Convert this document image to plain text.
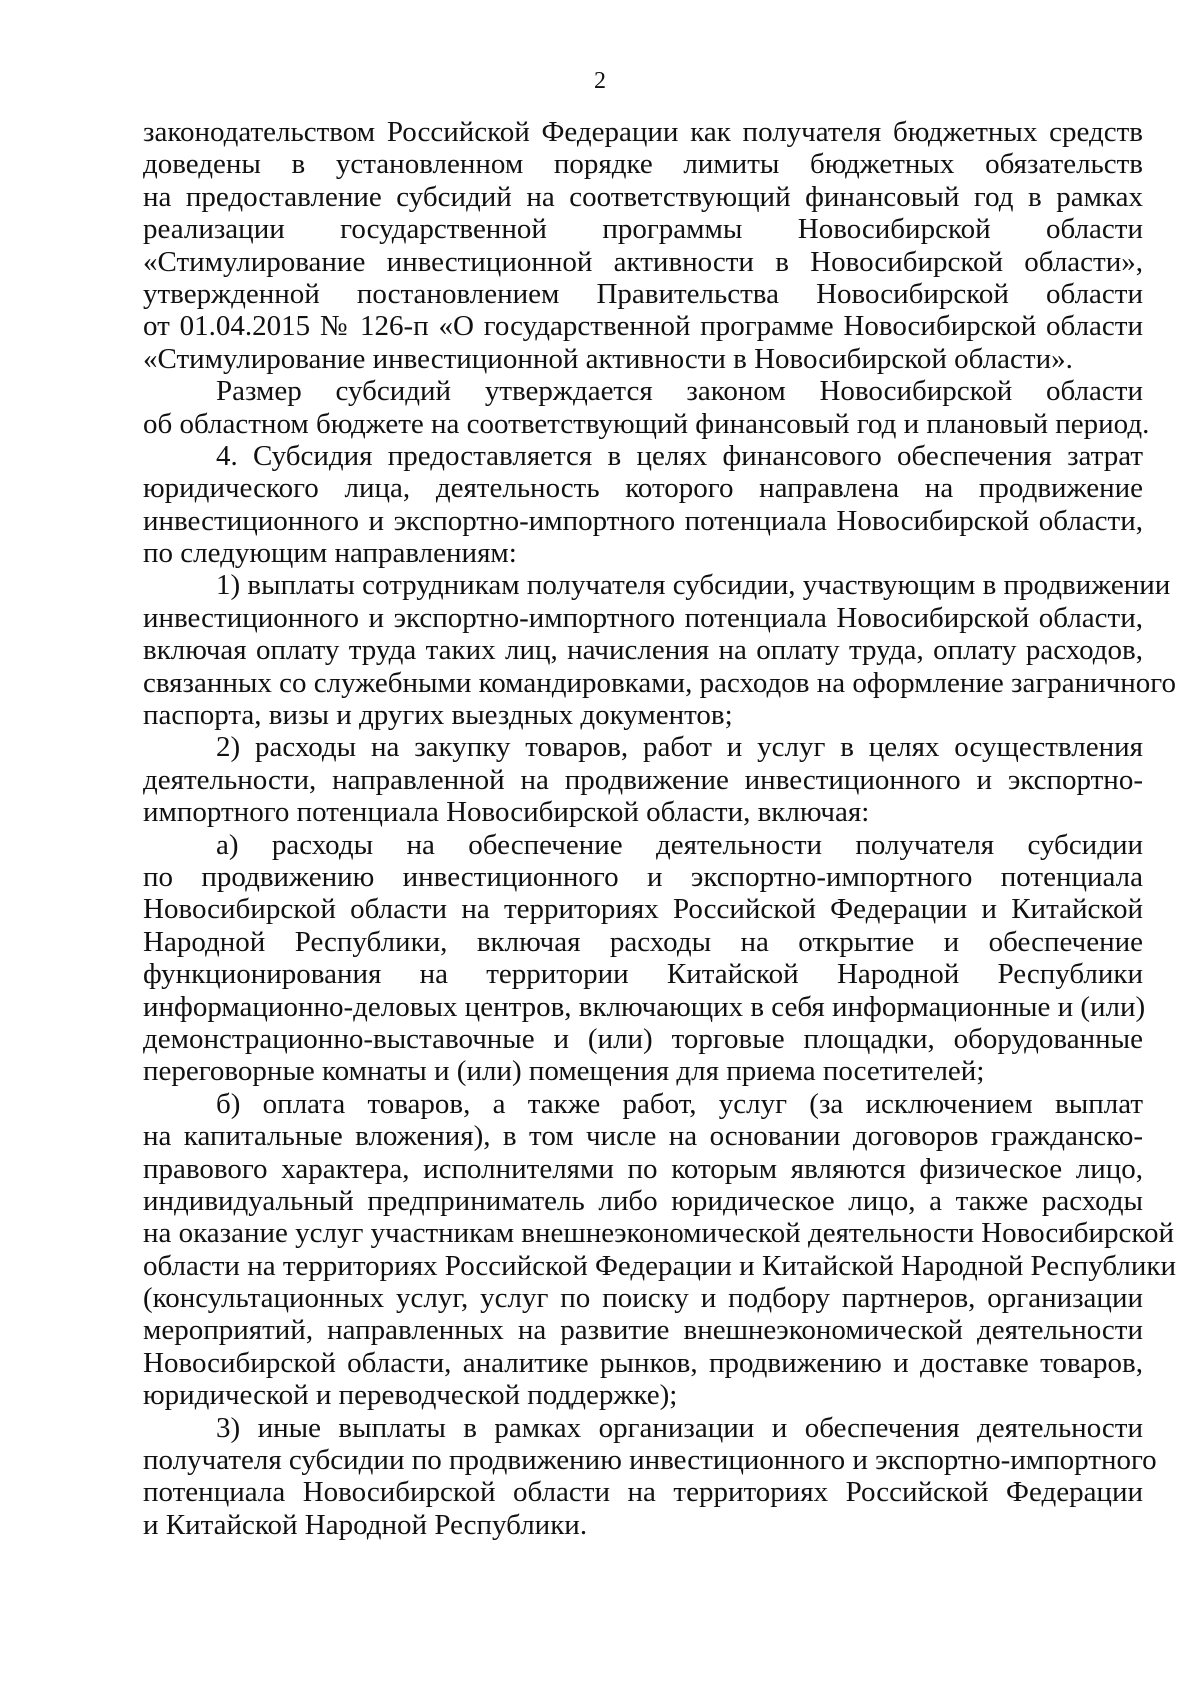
2
законодательством Российской Федерации как получателя бюджетных средств
доведены в установленном порядке лимиты бюджетных обязательств
на предоставление субсидий на соответствующий финансовый год в рамках
реализации государственной программы Новосибирской области
«Стимулирование инвестиционной активности в Новосибирской области»,
утвержденной постановлением Правительства Новосибирской области
от 01.04.2015 № 126-п «О государственной программе Новосибирской области
«Стимулирование инвестиционной активности в Новосибирской области».
Размер субсидий утверждается законом Новосибирской области
об областном бюджете на соответствующий финансовый год и плановый период.
4. Субсидия предоставляется в целях финансового обеспечения затрат
юридического лица, деятельность которого направлена на продвижение
инвестиционного и экспортно-импортного потенциала Новосибирской области,
по следующим направлениям:
1) выплаты сотрудникам получателя субсидии, участвующим в продвижении
инвестиционного и экспортно-импортного потенциала Новосибирской области,
включая оплату труда таких лиц, начисления на оплату труда, оплату расходов,
связанных со служебными командировками, расходов на оформление заграничного
паспорта, визы и других выездных документов;
2) расходы на закупку товаров, работ и услуг в целях осуществления
деятельности, направленной на продвижение инвестиционного и экспортно-
импортного потенциала Новосибирской области, включая:
а) расходы на обеспечение деятельности получателя субсидии
по продвижению инвестиционного и экспортно-импортного потенциала
Новосибирской области на территориях Российской Федерации и Китайской
Народной Республики, включая расходы на открытие и обеспечение
функционирования на территории Китайской Народной Республики
информационно-деловых центров, включающих в себя информационные и (или)
демонстрационно-выставочные и (или) торговые площадки, оборудованные
переговорные комнаты и (или) помещения для приема посетителей;
б) оплата товаров, а также работ, услуг (за исключением выплат
на капитальные вложения), в том числе на основании договоров гражданско-
правового характера, исполнителями по которым являются физическое лицо,
индивидуальный предприниматель либо юридическое лицо, а также расходы
на оказание услуг участникам внешнеэкономической деятельности Новосибирской
области на территориях Российской Федерации и Китайской Народной Республики
(консультационных услуг, услуг по поиску и подбору партнеров, организации
мероприятий, направленных на развитие внешнеэкономической деятельности
Новосибирской области, аналитике рынков, продвижению и доставке товаров,
юридической и переводческой поддержке);
3) иные выплаты в рамках организации и обеспечения деятельности
получателя субсидии по продвижению инвестиционного и экспортно-импортного
потенциала Новосибирской области на территориях Российской Федерации
и Китайской Народной Республики.
